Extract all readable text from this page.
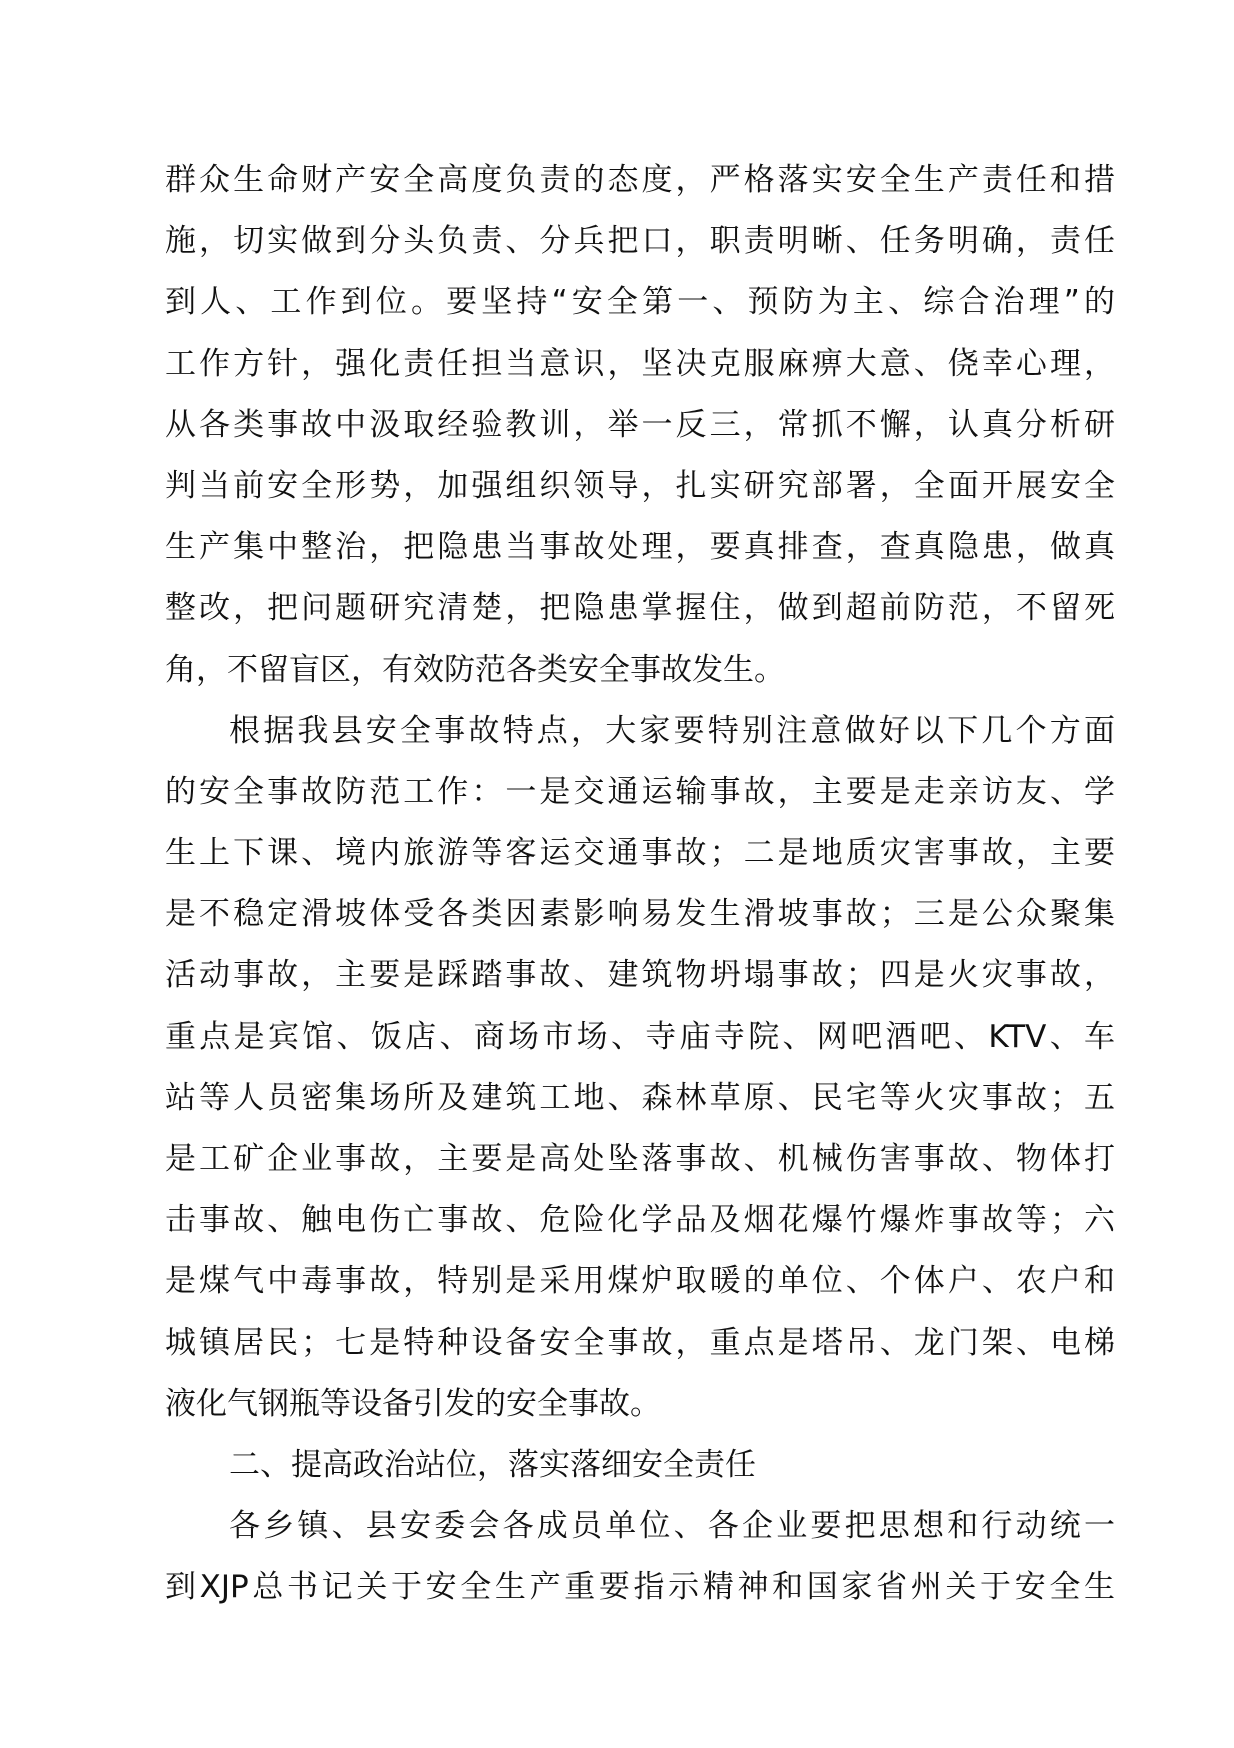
群众生命财产安全高度负责的态度，严格落实安全生产责任和措
施，切实做到分头负责、分兵把口，职责明晰、任务明确，责任
到人、工作到位。要坚持“安全第一、预防为主、综合治理”的
工作方针，强化责任担当意识，坚决克服麻痹大意、侥幸心理，
从各类事故中汲取经验教训，举一反三，常抓不懈，认真分析研
判当前安全形势，加强组织领导，扎实研究部署，全面开展安全
生产集中整治，把隐患当事故处理，要真排查，查真隐患，做真
整改，把问题研究清楚，把隐患掌握住，做到超前防范，不留死
角，不留盲区，有效防范各类安全事故发生。
根据我县安全事故特点，大家要特别注意做好以下几个方面
的安全事故防范工作：一是交通运输事故，主要是走亲访友、学
生上下课、境内旅游等客运交通事故；二是地质灾害事故，主要
是不稳定滑坡体受各类因素影响易发生滑坡事故；三是公众聚集
活动事故，主要是踩踏事故、建筑物坍塌事故；四是火灾事故，
重点是宾馆、饭店、商场市场、寺庙寺院、网吧酒吧、KTV、车
站等人员密集场所及建筑工地、森林草原、民宅等火灾事故；五
是工矿企业事故，主要是高处坠落事故、机械伤害事故、物体打
击事故、触电伤亡事故、危险化学品及烟花爆竹爆炸事故等；六
是煤气中毒事故，特别是采用煤炉取暖的单位、个体户、农户和
城镇居民；七是特种设备安全事故，重点是塔吊、龙门架、电梯
液化气钢瓶等设备引发的安全事故。
二、提高政治站位，落实落细安全责任
各乡镇、县安委会各成员单位、各企业要把思想和行动统一
到XJP总书记关于安全生产重要指示精神和国家省州关于安全生
